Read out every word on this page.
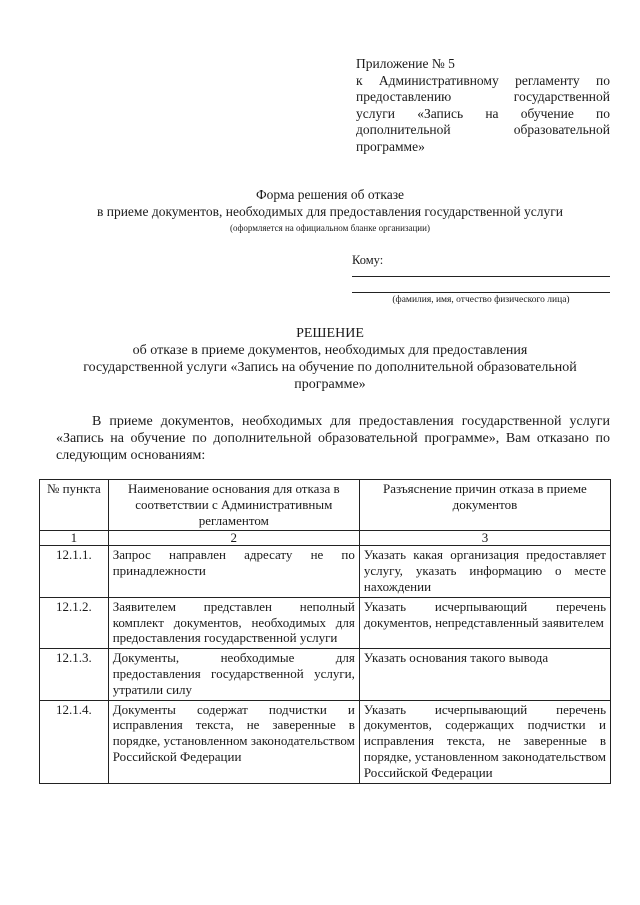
Приложение № 5
к Административному регламенту по
предоставлению государственной
услуги «Запись на обучение по
дополнительной образовательной
программе»
Форма решения об отказе
в приеме документов, необходимых для предоставления государственной услуги
(оформляется на официальном бланке организации)
Кому:
(фамилия, имя, отчество физического лица)
РЕШЕНИЕ
об отказе в приеме документов, необходимых для предоставления
государственной услуги «Запись на обучение по дополнительной образовательной
программе»
В приеме документов, необходимых для предоставления государственной услуги «Запись на обучение по дополнительной образовательной программе», Вам отказано по следующим основаниям:
№ пункта	Наименование основания для отказа в соответствии с Административным регламентом	Разъяснение причин отказа в приеме документов
1	2	3
12.1.1.	Запрос направлен адресату не по принадлежности	Указать какая организация предоставляет услугу, указать информацию о месте нахождении
12.1.2.	Заявителем представлен неполный комплект документов, необходимых для предоставления государственной услуги	Указать исчерпывающий перечень документов, непредставленный заявителем
12.1.3.	Документы, необходимые для предоставления государственной услуги, утратили силу	Указать основания такого вывода
12.1.4.	Документы содержат подчистки и исправления текста, не заверенные в порядке, установленном законодательством Российской Федерации	Указать исчерпывающий перечень документов, содержащих подчистки и исправления текста, не заверенные в порядке, установленном законодательством Российской Федерации
